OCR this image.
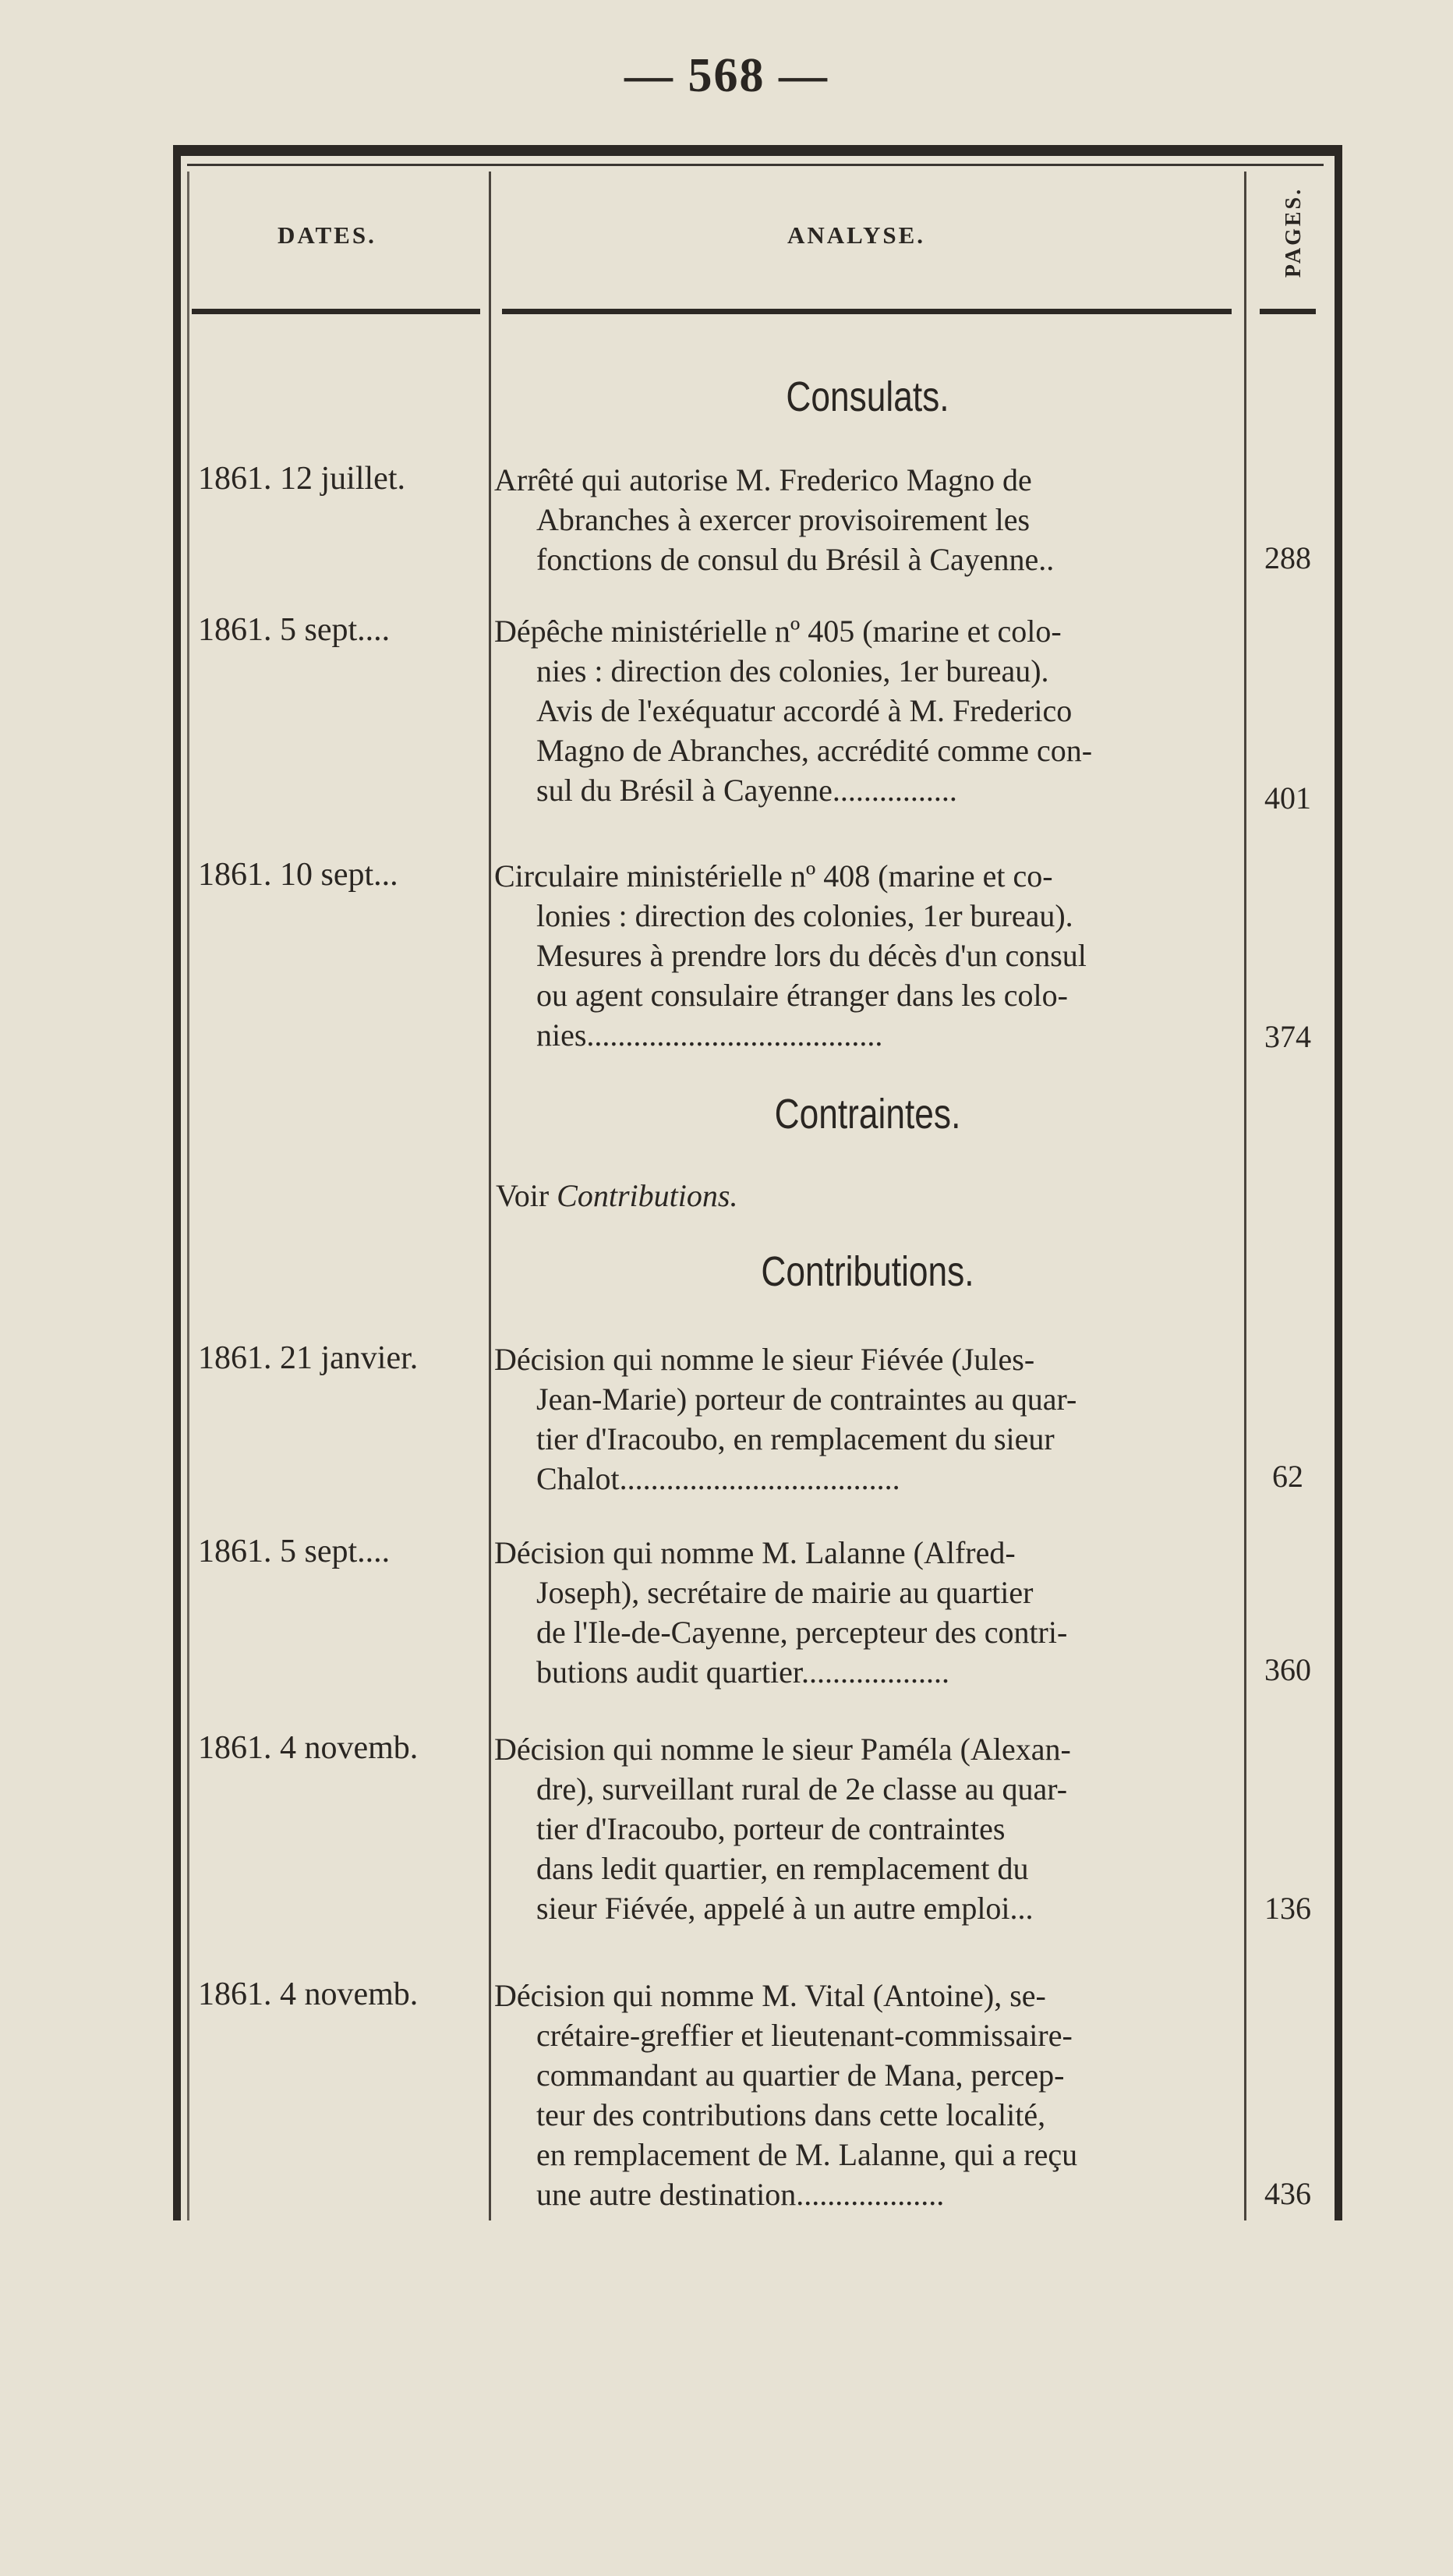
— 568 —
DATES.	ANALYSE.	PAGES.
Consulats.
1861. 12 juillet.	Arrêté qui autorise M. Frederico Magno de
Abranches à exercer provisoirement les
fonctions de consul du Brésil à Cayenne..	288
1861. 5 sept....	Dépêche ministérielle nº 405 (marine et colo-
nies : direction des colonies, 1er bureau).
Avis de l'exéquatur accordé à M. Frederico
Magno de Abranches, accrédité comme con-
sul du Brésil à Cayenne................	401
1861. 10 sept...	Circulaire ministérielle nº 408 (marine et co-
lonies : direction des colonies, 1er bureau).
Mesures à prendre lors du décès d'un consul
ou agent consulaire étranger dans les colo-
nies......................................	374
Contraintes.
Voir Contributions.
Contributions.
1861. 21 janvier.	Décision qui nomme le sieur Fiévée (Jules-
Jean-Marie) porteur de contraintes au quar-
tier d'Iracoubo, en remplacement du sieur
Chalot....................................	62
1861. 5 sept....	Décision qui nomme M. Lalanne (Alfred-
Joseph), secrétaire de mairie au quartier
de l'Ile-de-Cayenne, percepteur des contri-
butions audit quartier...................	360
1861. 4 novemb.	Décision qui nomme le sieur Paméla (Alexan-
dre), surveillant rural de 2e classe au quar-
tier d'Iracoubo, porteur de contraintes
dans ledit quartier, en remplacement du
sieur Fiévée, appelé à un autre emploi...	136
1861. 4 novemb.	Décision qui nomme M. Vital (Antoine), se-
crétaire-greffier et lieutenant-commissaire-
commandant au quartier de Mana, percep-
teur des contributions dans cette localité,
en remplacement de M. Lalanne, qui a reçu
une autre destination...................	436
